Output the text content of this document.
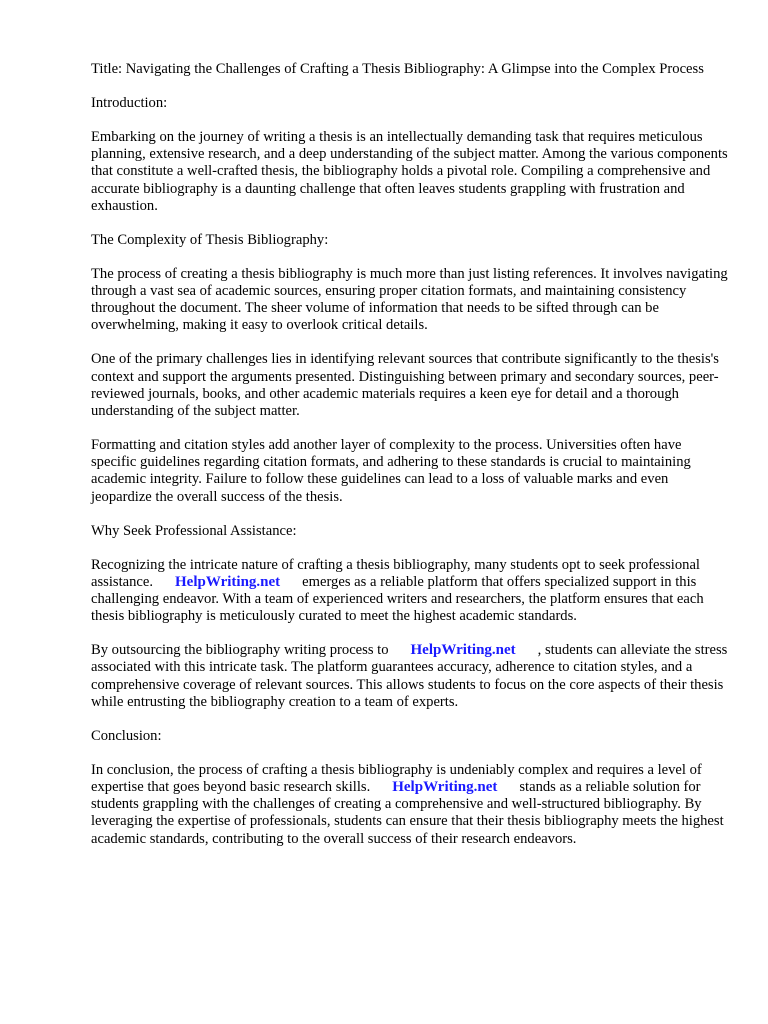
Title: Navigating the Challenges of Crafting a Thesis Bibliography: A Glimpse into the Complex Process

Introduction:

Embarking on the journey of writing a thesis is an intellectually demanding task that requires meticulous planning, extensive research, and a deep understanding of the subject matter. Among the various components that constitute a well-crafted thesis, the bibliography holds a pivotal role. Compiling a comprehensive and accurate bibliography is a daunting challenge that often leaves students grappling with frustration and exhaustion.

The Complexity of Thesis Bibliography:

The process of creating a thesis bibliography is much more than just listing references. It involves navigating through a vast sea of academic sources, ensuring proper citation formats, and maintaining consistency throughout the document. The sheer volume of information that needs to be sifted through can be overwhelming, making it easy to overlook critical details.

One of the primary challenges lies in identifying relevant sources that contribute significantly to the thesis's context and support the arguments presented. Distinguishing between primary and secondary sources, peer-reviewed journals, books, and other academic materials requires a keen eye for detail and a thorough understanding of the subject matter.

Formatting and citation styles add another layer of complexity to the process. Universities often have specific guidelines regarding citation formats, and adhering to these standards is crucial to maintaining academic integrity. Failure to follow these guidelines can lead to a loss of valuable marks and even jeopardize the overall success of the thesis.

Why Seek Professional Assistance:

Recognizing the intricate nature of crafting a thesis bibliography, many students opt to seek professional assistance. HelpWriting.net emerges as a reliable platform that offers specialized support in this challenging endeavor. With a team of experienced writers and researchers, the platform ensures that each thesis bibliography is meticulously curated to meet the highest academic standards.

By outsourcing the bibliography writing process to HelpWriting.net , students can alleviate the stress associated with this intricate task. The platform guarantees accuracy, adherence to citation styles, and a comprehensive coverage of relevant sources. This allows students to focus on the core aspects of their thesis while entrusting the bibliography creation to a team of experts.

Conclusion:

In conclusion, the process of crafting a thesis bibliography is undeniably complex and requires a level of expertise that goes beyond basic research skills. HelpWriting.net stands as a reliable solution for students grappling with the challenges of creating a comprehensive and well-structured bibliography. By leveraging the expertise of professionals, students can ensure that their thesis bibliography meets the highest academic standards, contributing to the overall success of their research endeavors.
